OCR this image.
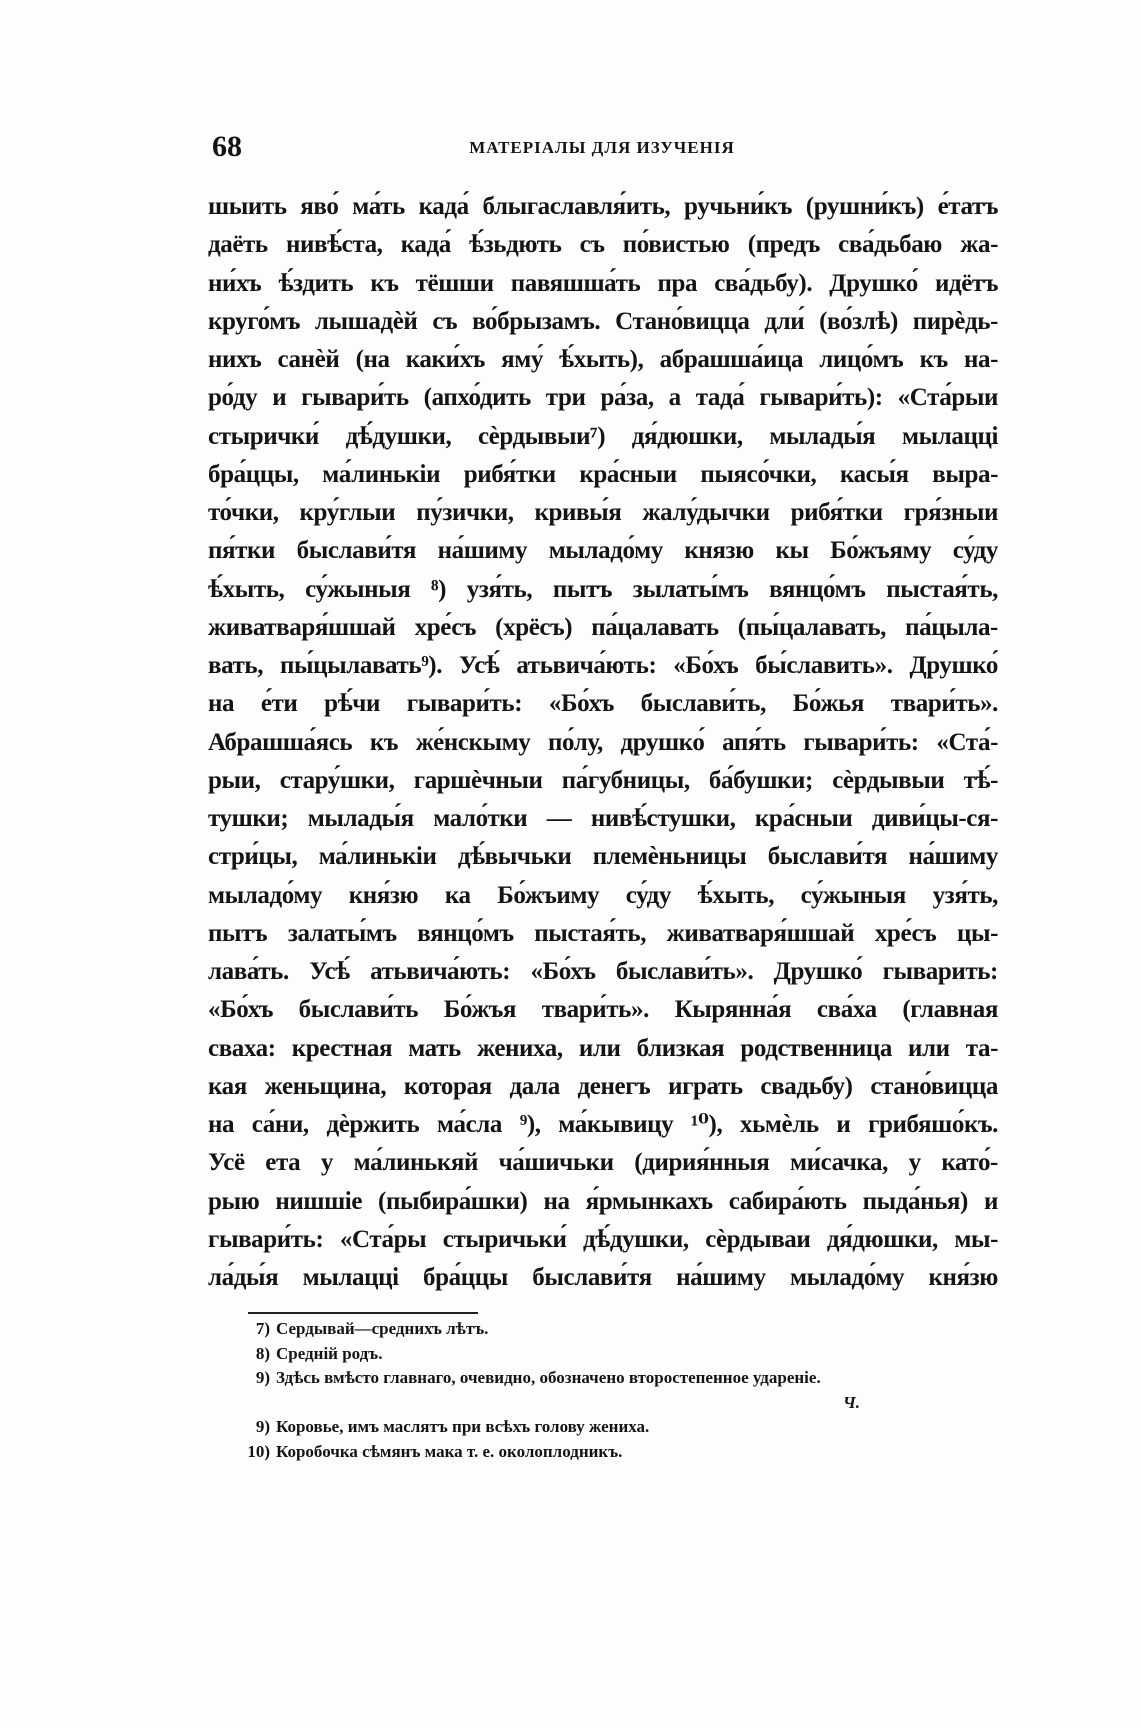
68	МАТЕРІАЛЫ ДЛЯ ИЗУЧЕНІЯ
шыить яво́ ма́ть када́ блыгаславля́ить, ручьни́къ (рушни́къ) е́татъ
даёть нивѣ́ста, када́ ѣ́зьдють съ по́вистью (предъ сва́дьбаю жа-
ни́хъ ѣ́здить къ тёшши павяшша́ть пра сва́дьбу). Друшко́ идётъ
круго́мъ лышадѐй съ во́брызамъ. Стано́вицца дли́ (во́злѣ) пирѐдь-
нихъ санѐй (на каки́хъ яму́ ѣ́хыть), абрашша́ица лицо́мъ къ на-
ро́ду и гывари́ть (апхо́дить три ра́за, а тада́ гывари́ть): «Ста́рыи
стырички́ дѣ́душки, сѐрдывыи⁷) дя́дюшки, мылады́я мылацці
бра́ццы, ма́линькіи рибя́тки кра́сныи пыясо́чки, касы́я выра-
то́чки, кру́глыи пу́зички, кривы́я жалу́дычки рибя́тки гря́зныи
пя́тки быслави́тя на́шиму мыладо́му князю кы Бо́жъяму су́ду
ѣ́хыть, су́жыныя ⁸) узя́ть, пытъ зылаты́мъ вянцо́мъ пыстая́ть,
живатваря́шшай хре́съ (хрёсъ) па́цалавать (пы́цалавать, па́цыла-
вать, пы́цылавать⁹). Усѣ́ атьвича́ють: «Бо́хъ бы́славить». Друшко́
на е́ти рѣ́чи гывари́ть: «Бо́хъ быслави́ть, Бо́жья твари́ть».
Абрашша́ясь къ же́нскыму по́лу, друшко́ апя́ть гывари́ть: «Ста́-
рыи, стару́шки, гаршѐчныи па́губницы, ба́бушки; сѐрдывыи тѣ́-
тушки; мылады́я мало́тки — нивѣ́стушки, кра́сныи диви́цы-ся-
стри́цы, ма́линькіи дѣ́вычьки племѐньницы быслави́тя на́шиму
мыладо́му кня́зю ка Бо́жъиму су́ду ѣ́хыть, су́жыныя узя́ть,
пытъ залаты́мъ вянцо́мъ пыстая́ть, живатваря́шшай хре́съ цы-
лава́ть. Усѣ́ атьвича́ють: «Бо́хъ быслави́ть». Друшко́ гыварить:
«Бо́хъ быслави́ть Бо́жъя твари́ть». Кырянна́я сва́ха (главная
сваха: крестная мать жениха, или близкая родственница или та-
кая женьщина, которая дала денегъ играть свадьбу) стано́вицца
на са́ни, дѐржить ма́сла ⁹), ма́кывицу ¹⁰), хьмѐль и грибяшо́къ.
Усё ета у ма́линькяй ча́шичьки (дирия́нныя ми́сачка, у като́-
рыю нишшіе (пыбира́шки) на я́рмынкахъ сабира́ють пыда́нья) и
гывари́ть: «Ста́ры стыричьки́ дѣ́душки, сѐрдываи дя́дюшки, мы-
ла́ды́я мылацці бра́ццы быслави́тя на́шиму мыладо́му кня́зю
7) Сердывай—среднихъ лѣтъ.
8) Средній родъ.
9) Здѣсь вмѣсто главнаго, очевидно, обозначено второстепенное удареніе.
Ч.
9) Коровье, имъ маслятъ при всѣхъ голову жениха.
10) Коробочка сѣмянъ мака т. е. околоплодникъ.
